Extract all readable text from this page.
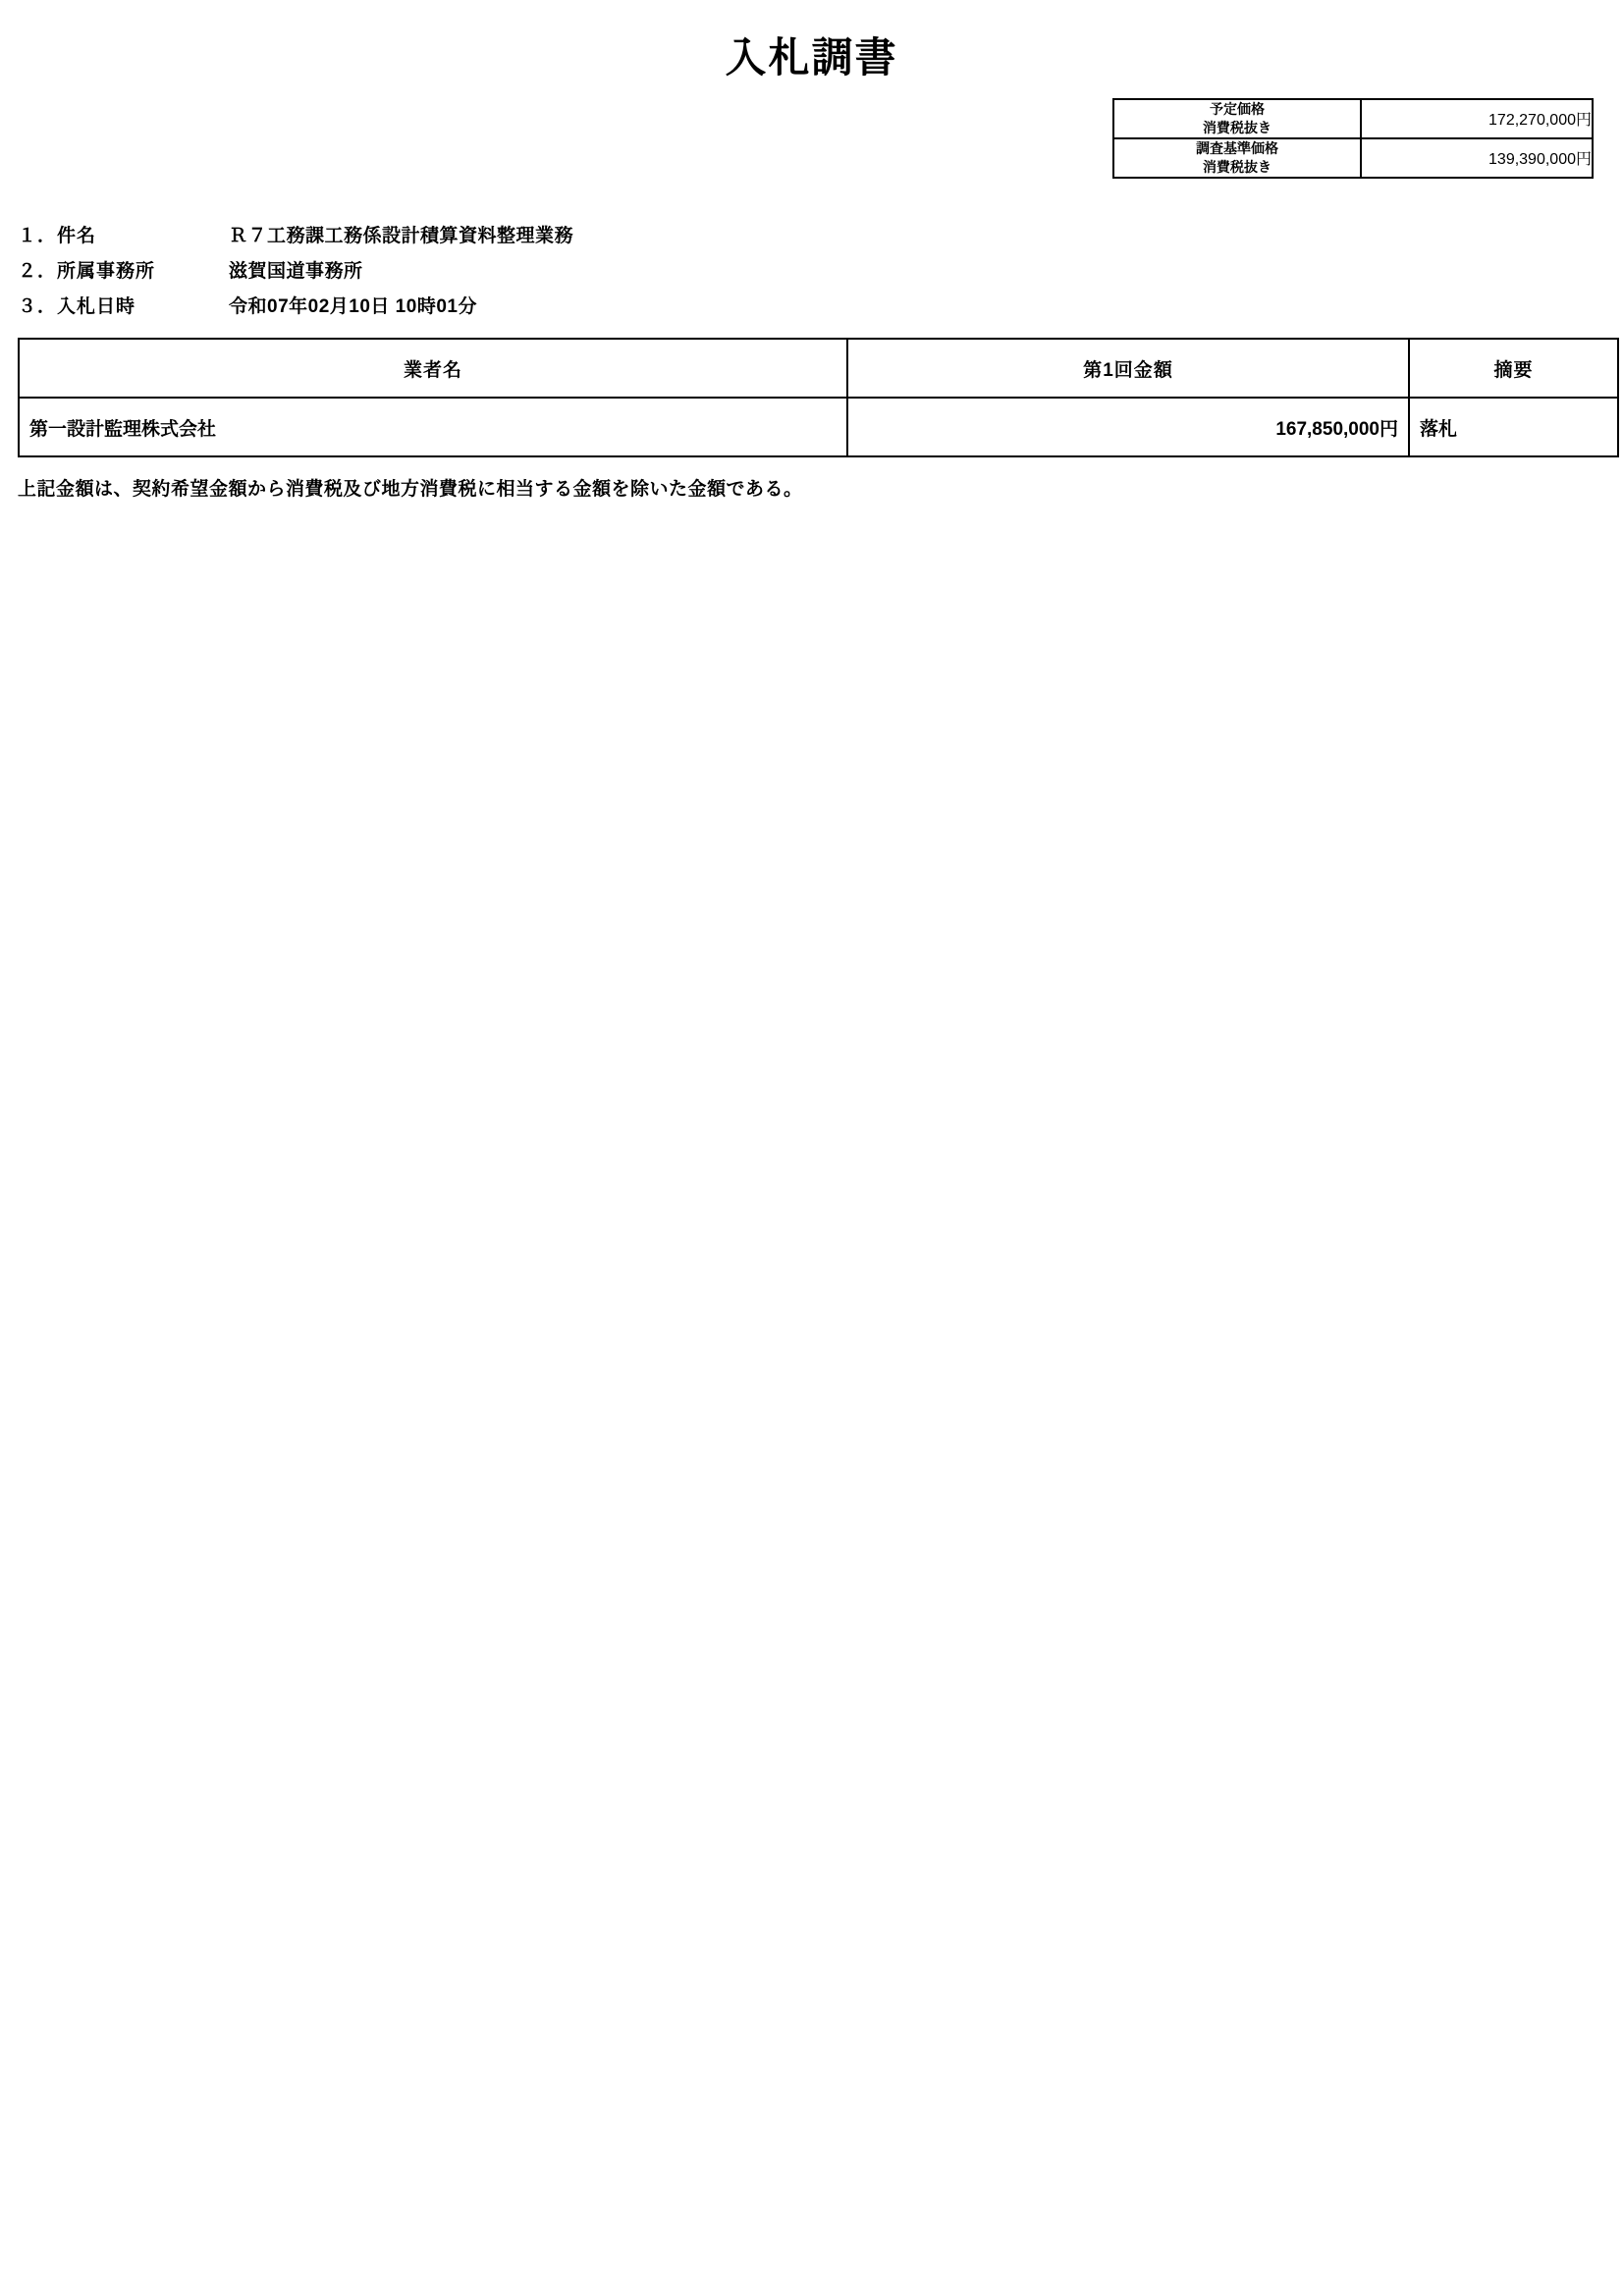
入札調書
予定価格
消費税抜き	172,270,000円
調査基準価格
消費税抜き	139,390,000円
１．件名	Ｒ７工務課工務係設計積算資料整理業務
２．所属事務所	滋賀国道事務所
３．入札日時	令和07年02月10日 10時01分
業者名	第1回金額	摘要
第一設計監理株式会社	167,850,000円	落札
上記金額は、契約希望金額から消費税及び地方消費税に相当する金額を除いた金額である。
